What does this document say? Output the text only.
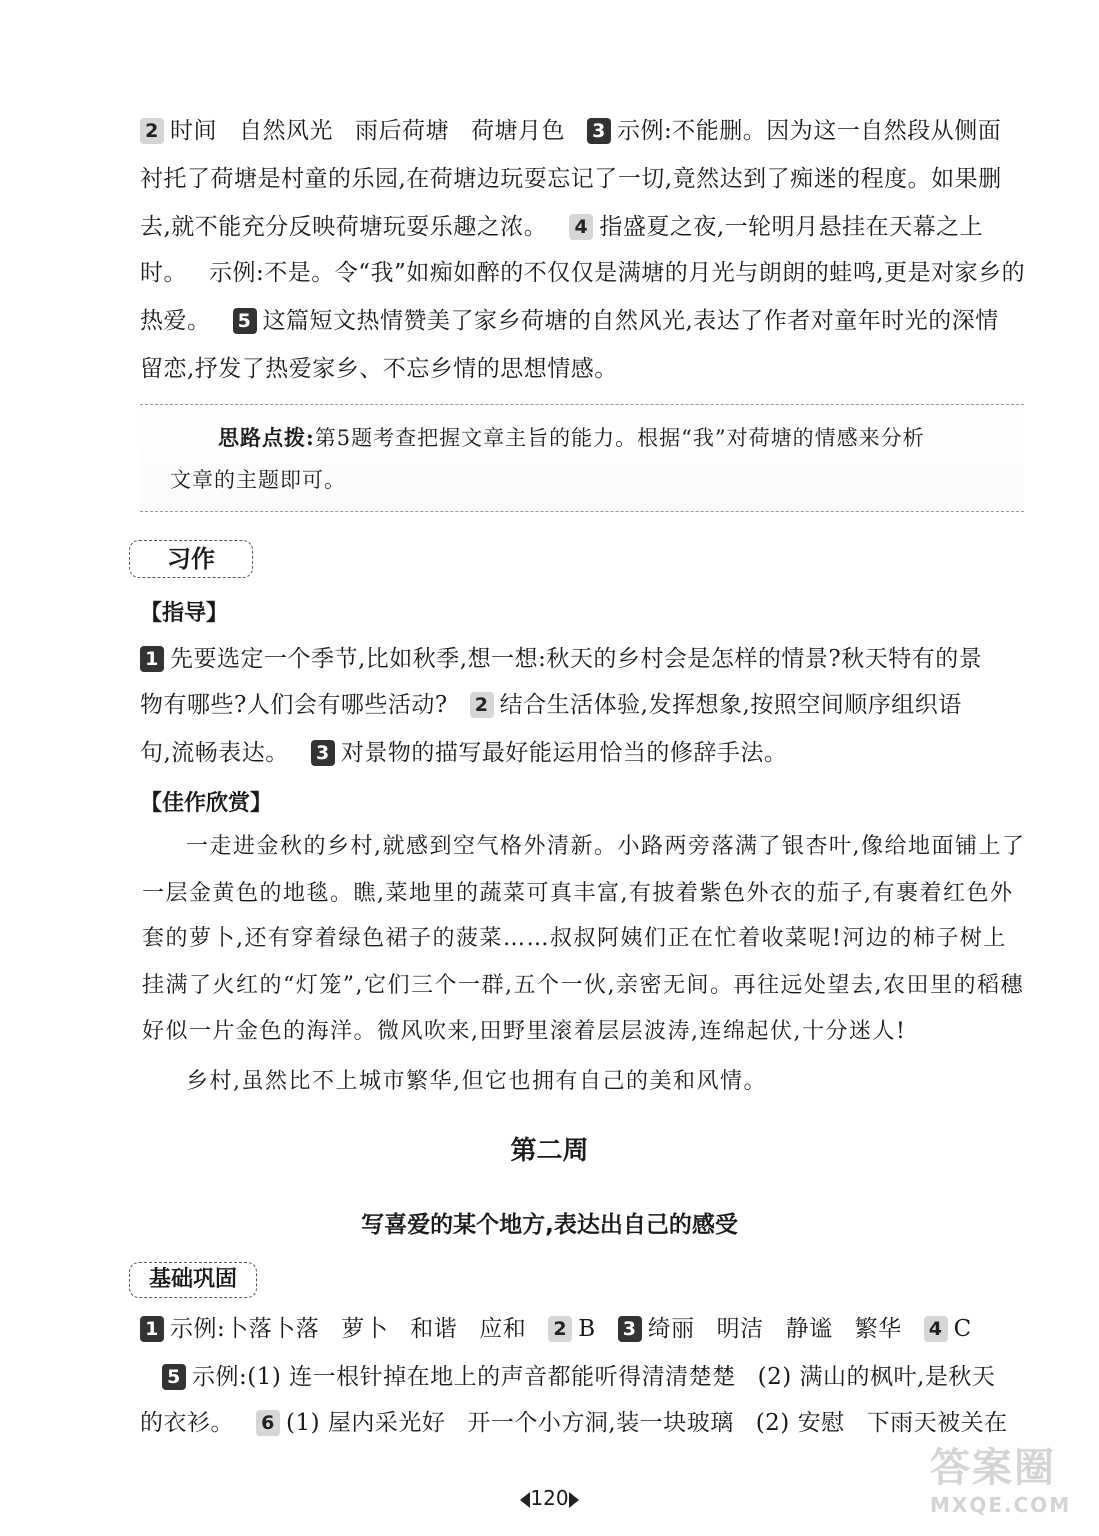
2 时间 自然风光 雨后荷塘 荷塘月色 3 示例:不能删。因为这一自然段从侧面
衬托了荷塘是村童的乐园,在荷塘边玩耍忘记了一切,竟然达到了痴迷的程度。如果删
去,就不能充分反映荷塘玩耍乐趣之浓。 4 指盛夏之夜,一轮明月悬挂在天幕之上
时。 示例:不是。令“我”如痴如醉的不仅仅是满塘的月光与朗朗的蛙鸣,更是对家乡的
热爱。 5 这篇短文热情赞美了家乡荷塘的自然风光,表达了作者对童年时光的深情
留恋,抒发了热爱家乡、不忘乡情的思想情感。
思路点拨:第5题考查把握文章主旨的能力。根据“我”对荷塘的情感来分析
文章的主题即可。
习作
【指导】
1 先要选定一个季节,比如秋季,想一想:秋天的乡村会是怎样的情景?秋天特有的景
物有哪些?人们会有哪些活动? 2 结合生活体验,发挥想象,按照空间顺序组织语
句,流畅表达。 3 对景物的描写最好能运用恰当的修辞手法。
【佳作欣赏】
一走进金秋的乡村,就感到空气格外清新。小路两旁落满了银杏叶,像给地面铺上了
一层金黄色的地毯。瞧,菜地里的蔬菜可真丰富,有披着紫色外衣的茄子,有裹着红色外
套的萝卜,还有穿着绿色裙子的菠菜……叔叔阿姨们正在忙着收菜呢!河边的柿子树上
挂满了火红的“灯笼”,它们三个一群,五个一伙,亲密无间。再往远处望去,农田里的稻穗
好似一片金色的海洋。微风吹来,田野里滚着层层波涛,连绵起伏,十分迷人!
乡村,虽然比不上城市繁华,但它也拥有自己的美和风情。
第二周
写喜爱的某个地方,表达出自己的感受
基础巩固
1 示例:卜落卜落 萝卜 和谐 应和 2 B 3 绮丽 明洁 静谧 繁华 4 C
5 示例:(1) 连一根针掉在地上的声音都能听得清清楚楚 (2) 满山的枫叶,是秋天
的衣衫。 6 (1) 屋内采光好 开一个小方洞,装一块玻璃 (2) 安慰 下雨天被关在
120
答案圈
MXQE.COM
